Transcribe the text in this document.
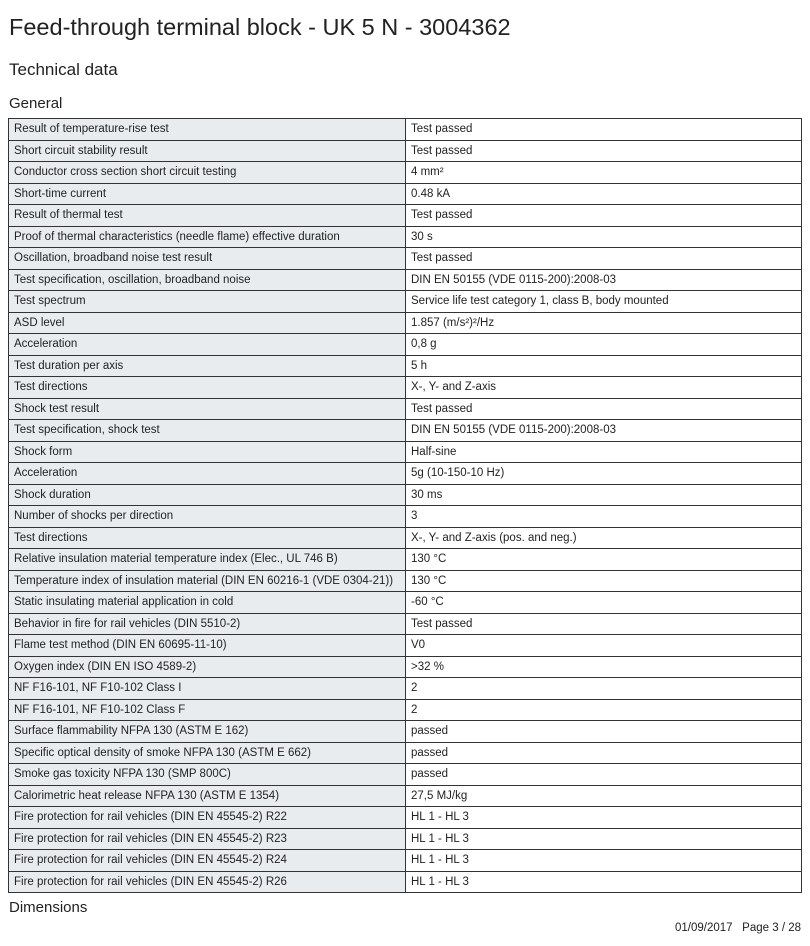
Feed-through terminal block - UK 5 N - 3004362
Technical data
General
Result of temperature-rise test	Test passed
Short circuit stability result	Test passed
Conductor cross section short circuit testing	4 mm²
Short-time current	0.48 kA
Result of thermal test	Test passed
Proof of thermal characteristics (needle flame) effective duration	30 s
Oscillation, broadband noise test result	Test passed
Test specification, oscillation, broadband noise	DIN EN 50155 (VDE 0115-200):2008-03
Test spectrum	Service life test category 1, class B, body mounted
ASD level	1.857 (m/s²)²/Hz
Acceleration	0,8 g
Test duration per axis	5 h
Test directions	X-, Y- and Z-axis
Shock test result	Test passed
Test specification, shock test	DIN EN 50155 (VDE 0115-200):2008-03
Shock form	Half-sine
Acceleration	5g (10-150-10 Hz)
Shock duration	30 ms
Number of shocks per direction	3
Test directions	X-, Y- and Z-axis (pos. and neg.)
Relative insulation material temperature index (Elec., UL 746 B)	130 °C
Temperature index of insulation material (DIN EN 60216-1 (VDE 0304-21))	130 °C
Static insulating material application in cold	-60 °C
Behavior in fire for rail vehicles (DIN 5510-2)	Test passed
Flame test method (DIN EN 60695-11-10)	V0
Oxygen index (DIN EN ISO 4589-2)	>32 %
NF F16-101, NF F10-102 Class I	2
NF F16-101, NF F10-102 Class F	2
Surface flammability NFPA 130 (ASTM E 162)	passed
Specific optical density of smoke NFPA 130 (ASTM E 662)	passed
Smoke gas toxicity NFPA 130 (SMP 800C)	passed
Calorimetric heat release NFPA 130 (ASTM E 1354)	27,5 MJ/kg
Fire protection for rail vehicles (DIN EN 45545-2) R22	HL 1 - HL 3
Fire protection for rail vehicles (DIN EN 45545-2) R23	HL 1 - HL 3
Fire protection for rail vehicles (DIN EN 45545-2) R24	HL 1 - HL 3
Fire protection for rail vehicles (DIN EN 45545-2) R26	HL 1 - HL 3
Dimensions
01/09/2017 Page 3 / 28
